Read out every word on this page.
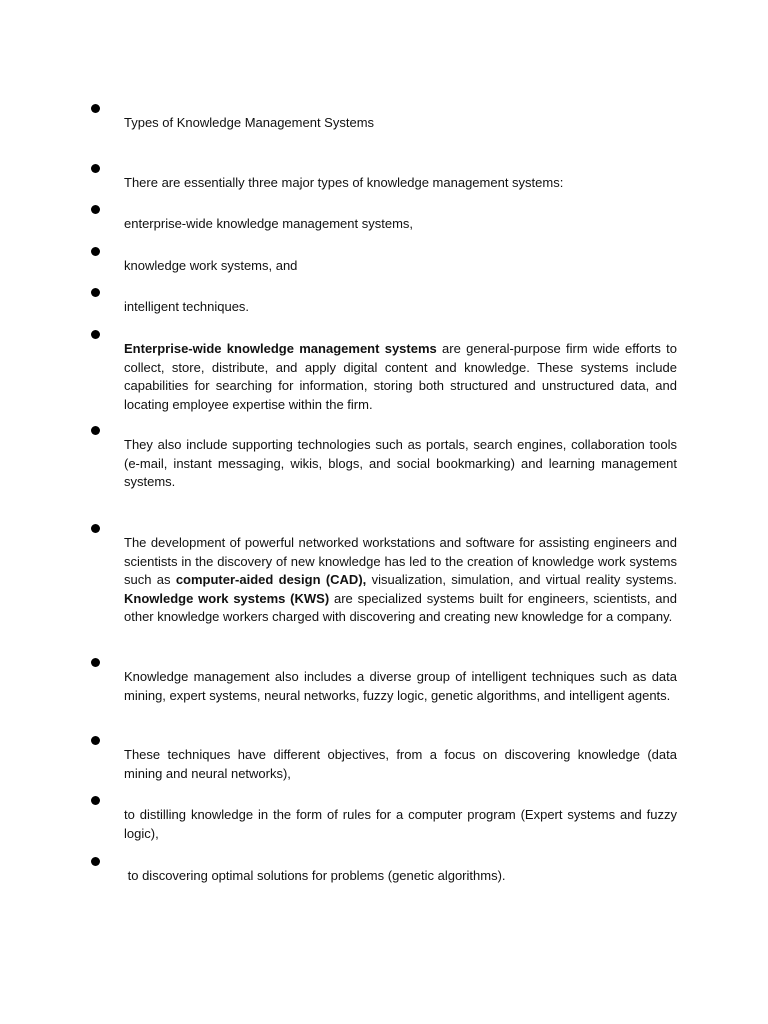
Types of Knowledge Management Systems
There are essentially three major types of knowledge management systems:
enterprise-wide knowledge management systems,
knowledge work systems, and
intelligent techniques.
Enterprise-wide knowledge management systems are general-purpose firm wide efforts to collect, store, distribute, and apply digital content and knowledge. These systems include capabilities for searching for information, storing both structured and unstructured data, and locating employee expertise within the firm.
They also include supporting technologies such as portals, search engines, collaboration tools (e-mail, instant messaging, wikis, blogs, and social bookmarking) and learning management systems.
The development of powerful networked workstations and software for assisting engineers and scientists in the discovery of new knowledge has led to the creation of knowledge work systems such as computer-aided design (CAD), visualization, simulation, and virtual reality systems. Knowledge work systems (KWS) are specialized systems built for engineers, scientists, and other knowledge workers charged with discovering and creating new knowledge for a company.
Knowledge management also includes a diverse group of intelligent techniques such as data mining, expert systems, neural networks, fuzzy logic, genetic algorithms, and intelligent agents.
These techniques have different objectives, from a focus on discovering knowledge (data mining and neural networks),
to distilling knowledge in the form of rules for a computer program (Expert systems and fuzzy logic),
to discovering optimal solutions for problems (genetic algorithms).
